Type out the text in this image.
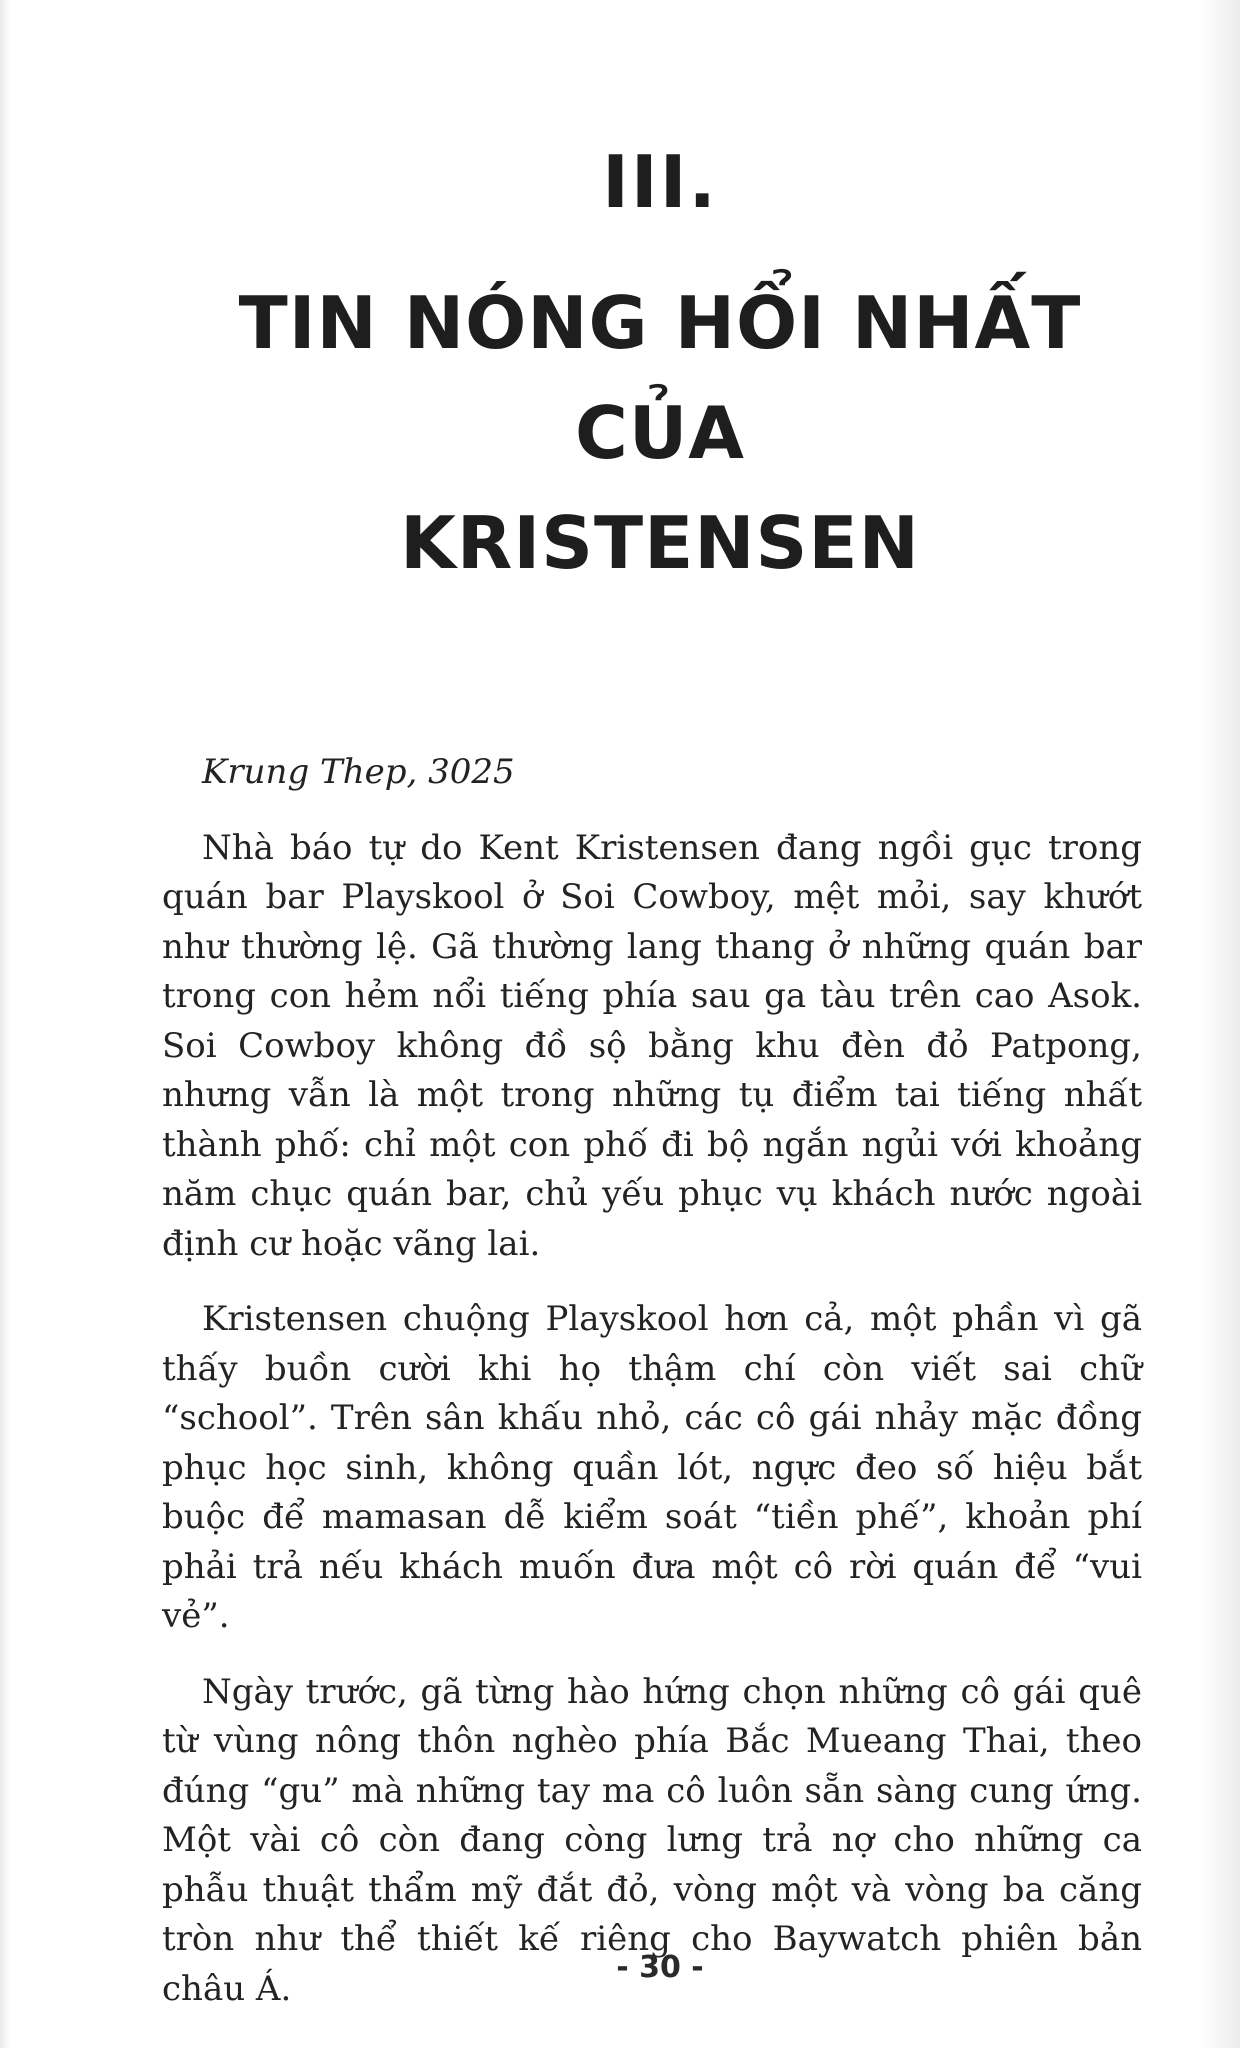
III.
TIN NÓNG HỔI NHẤT CỦA
KRISTENSEN

Krung Thep, 3025

Nhà báo tự do Kent Kristensen đang ngồi gục trong quán bar Playskool ở Soi Cowboy, mệt mỏi, say khướt như thường lệ. Gã thường lang thang ở những quán bar trong con hẻm nổi tiếng phía sau ga tàu trên cao Asok. Soi Cowboy không đồ sộ bằng khu đèn đỏ Patpong, nhưng vẫn là một trong những tụ điểm tai tiếng nhất thành phố: chỉ một con phố đi bộ ngắn ngủi với khoảng năm chục quán bar, chủ yếu phục vụ khách nước ngoài định cư hoặc vãng lai.

Kristensen chuộng Playskool hơn cả, một phần vì gã thấy buồn cười khi họ thậm chí còn viết sai chữ “school”. Trên sân khấu nhỏ, các cô gái nhảy mặc đồng phục học sinh, không quần lót, ngực đeo số hiệu bắt buộc để mamasan dễ kiểm soát “tiền phế”, khoản phí phải trả nếu khách muốn đưa một cô rời quán để “vui vẻ”.

Ngày trước, gã từng hào hứng chọn những cô gái quê từ vùng nông thôn nghèo phía Bắc Mueang Thai, theo đúng “gu” mà những tay ma cô luôn sẵn sàng cung ứng. Một vài cô còn đang còng lưng trả nợ cho những ca phẫu thuật thẩm mỹ đắt đỏ, vòng một và vòng ba căng tròn như thể thiết kế riêng cho Baywatch phiên bản châu Á.

- 30 -
